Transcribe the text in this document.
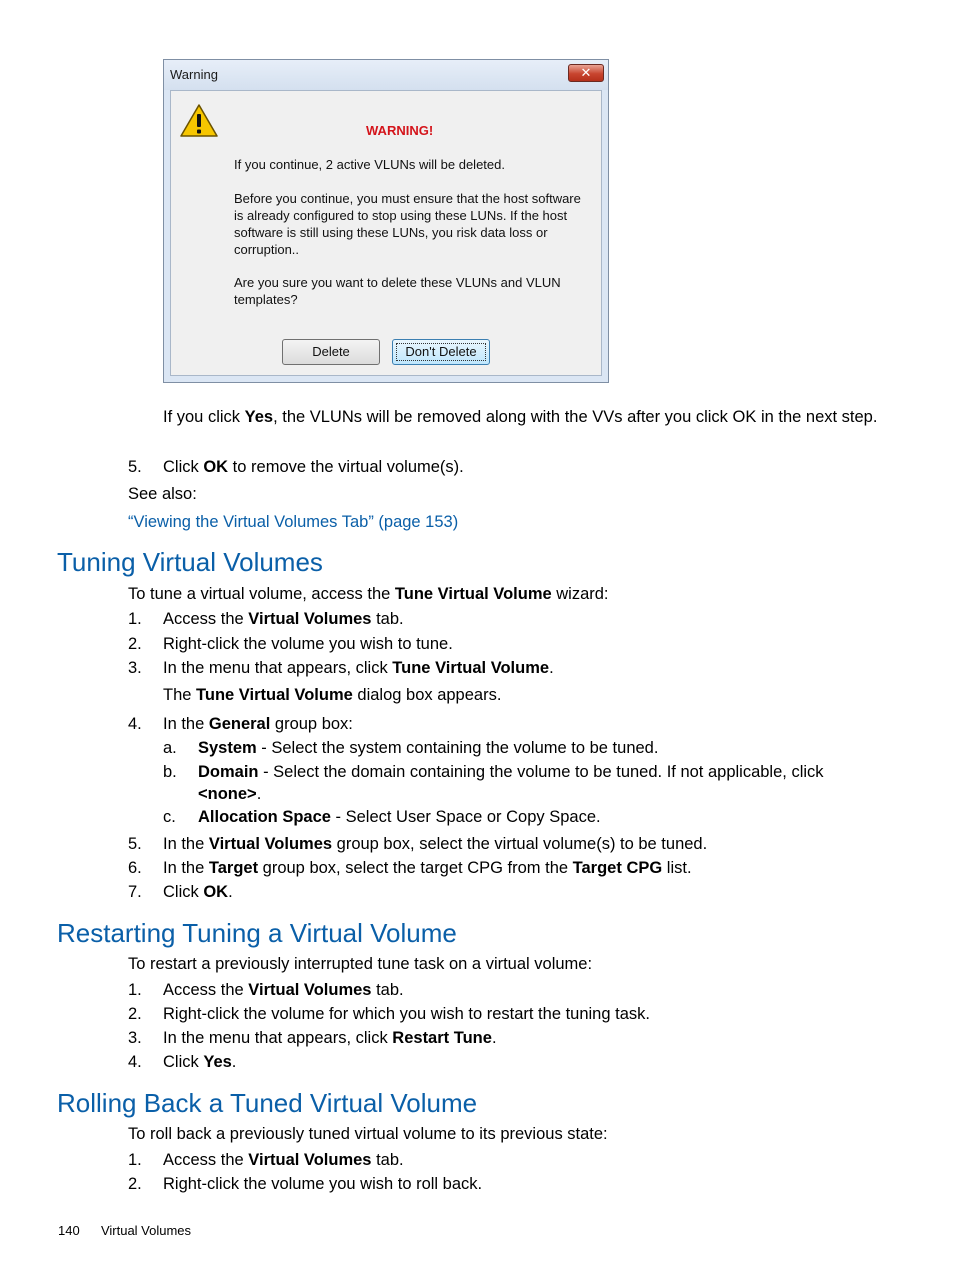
Warning	✕
WARNING!
If you continue, 2 active VLUNs will be deleted.
Before you continue, you must ensure that the host software
is already configured to stop using these LUNs. If the host
software is still using these LUNs, you risk data loss or
corruption..
Are you sure you want to delete these VLUNs and VLUN
templates?
Delete	Don't Delete
If you click Yes, the VLUNs will be removed along with the VVs after you click OK in the next step.
5. Click OK to remove the virtual volume(s).
See also:
“Viewing the Virtual Volumes Tab” (page 153)
Tuning Virtual Volumes
To tune a virtual volume, access the Tune Virtual Volume wizard:
1. Access the Virtual Volumes tab.
2. Right-click the volume you wish to tune.
3. In the menu that appears, click Tune Virtual Volume.
The Tune Virtual Volume dialog box appears.
4. In the General group box:
a. System - Select the system containing the volume to be tuned.
b. Domain - Select the domain containing the volume to be tuned. If not applicable, click
<none>.
c. Allocation Space - Select User Space or Copy Space.
5. In the Virtual Volumes group box, select the virtual volume(s) to be tuned.
6. In the Target group box, select the target CPG from the Target CPG list.
7. Click OK.
Restarting Tuning a Virtual Volume
To restart a previously interrupted tune task on a virtual volume:
1. Access the Virtual Volumes tab.
2. Right-click the volume for which you wish to restart the tuning task.
3. In the menu that appears, click Restart Tune.
4. Click Yes.
Rolling Back a Tuned Virtual Volume
To roll back a previously tuned virtual volume to its previous state:
1. Access the Virtual Volumes tab.
2. Right-click the volume you wish to roll back.
140 Virtual Volumes
